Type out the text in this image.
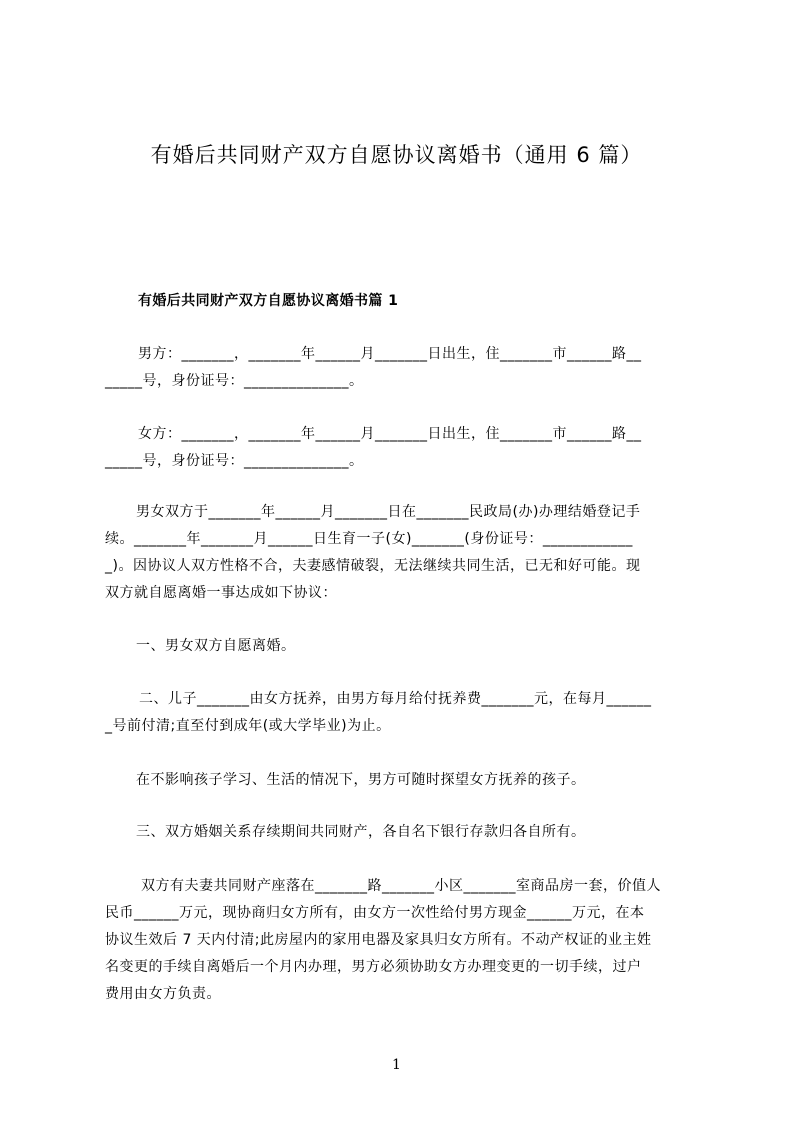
有婚后共同财产双方自愿协议离婚书（通用 6 篇）
有婚后共同财产双方自愿协议离婚书篇 1
男方：_______，_______年______月_______日出生，住_______市______路__
_____号，身份证号：______________。
女方：_______，_______年______月_______日出生，住_______市______路__
_____号，身份证号：______________。
男女双方于_______年______月_______日在_______民政局(办)办理结婚登记手
续。_______年_______月______日生育一子(女)_______(身份证号：____________
_)。因协议人双方性格不合，夫妻感情破裂，无法继续共同生活，已无和好可能。现
双方就自愿离婚一事达成如下协议：
一、男女双方自愿离婚。
二、儿子_______由女方抚养，由男方每月给付抚养费_______元，在每月______
_号前付清;直至付到成年(或大学毕业)为止。
在不影响孩子学习、生活的情况下，男方可随时探望女方抚养的孩子。
三、双方婚姻关系存续期间共同财产，各自名下银行存款归各自所有。
双方有夫妻共同财产座落在_______路_______小区_______室商品房一套，价值人
民币______万元，现协商归女方所有，由女方一次性给付男方现金______万元，在本
协议生效后 7 天内付清;此房屋内的家用电器及家具归女方所有。不动产权证的业主姓
名变更的手续自离婚后一个月内办理，男方必须协助女方办理变更的一切手续，过户
费用由女方负责。
1
